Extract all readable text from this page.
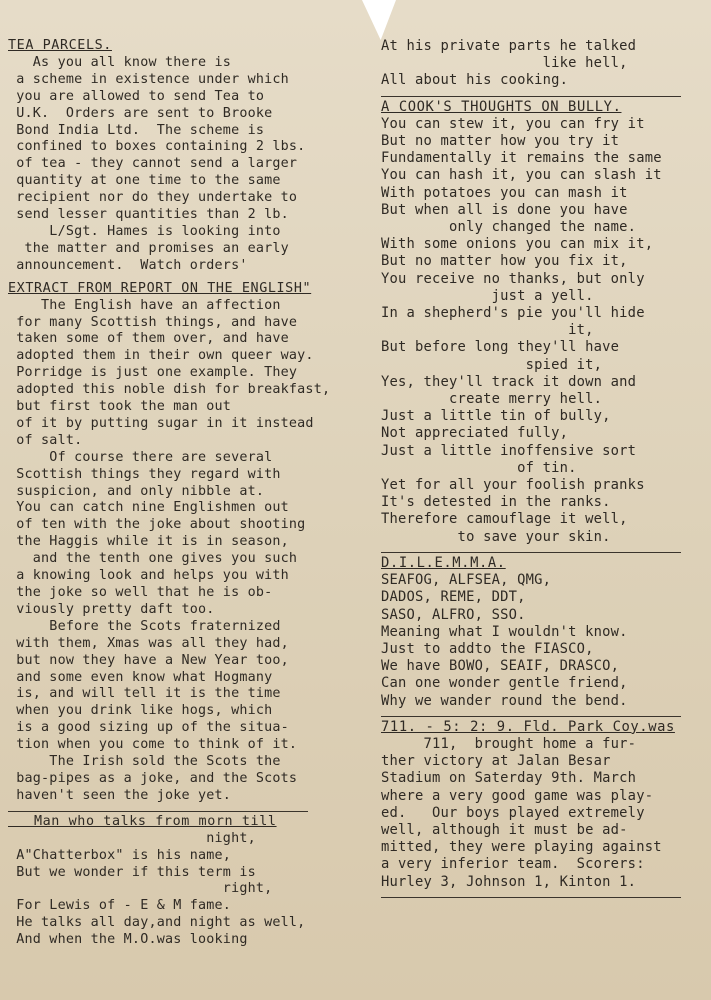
TEA PARCELS.
As you all know there is
a scheme in existence under which
you are allowed to send Tea to
U.K.  Orders are sent to Brooke
Bond India Ltd.  The scheme is
confined to boxes containing 2 lbs.
of tea - they cannot send a larger
quantity at one time to the same
recipient nor do they undertake to
send lesser quantities than 2 lb.
L/Sgt. Hames is looking into
the matter and promises an early
announcement.  Watch orders'
EXTRACT FROM REPORT ON THE ENGLISH"
The English have an affection
for many Scottish things, and have
taken some of them over, and have
adopted them in their own queer way.
Porridge is just one example. They
adopted this noble dish for breakfast,
but first took the man out
of it by putting sugar in it instead
of salt.
Of course there are several
Scottish things they regard with
suspicion, and only nibble at.
You can catch nine Englishmen out
of ten with the joke about shooting
the Haggis while it is in season,
and the tenth one gives you such
a knowing look and helps you with
the joke so well that he is ob-
viously pretty daft too.
Before the Scots fraternized
with them, Xmas was all they had,
but now they have a New Year too,
and some even know what Hogmany
is, and will tell it is the time
when you drink like hogs, which
is a good sizing up of the situa-
tion when you come to think of it.
The Irish sold the Scots the
bag-pipes as a joke, and the Scots
haven't seen the joke yet.
Man who talks from morn till
night,
A"Chatterbox" is his name,
But we wonder if this term is
right,
For Lewis of - E & M fame.
He talks all day,and night as well,
And when the M.O.was looking
At his private parts he talked
like hell,
All about his cooking.
A COOK'S THOUGHTS ON BULLY.
You can stew it, you can fry it
But no matter how you try it
Fundamentally it remains the same
You can hash it, you can slash it
With potatoes you can mash it
But when all is done you have
only changed the name.
With some onions you can mix it,
But no matter how you fix it,
You receive no thanks, but only
just a yell.
In a shepherd's pie you'll hide
it,
But before long they'll have
spied it,
Yes, they'll track it down and
create merry hell.
Just a little tin of bully,
Not appreciated fully,
Just a little inoffensive sort
of tin.
Yet for all your foolish pranks
It's detested in the ranks.
Therefore camouflage it well,
to save your skin.
D.I.L.E.M.M.A.
SEAFOG, ALFSEA, QMG,
DADOS, REME, DDT,
SASO, ALFRO, SSO.
Meaning what I wouldn't know.
Just to addto the FIASCO,
We have BOWO, SEAIF, DRASCO,
Can one wonder gentle friend,
Why we wander round the bend.
711. - 5: 2: 9. Fld. Park Coy.was
711,  brought home a fur-
ther victory at Jalan Besar
Stadium on Saterday 9th. March
where a very good game was play-
ed.   Our boys played extremely
well, although it must be ad-
mitted, they were playing against
a very inferior team.  Scorers:
Hurley 3, Johnson 1, Kinton 1.
